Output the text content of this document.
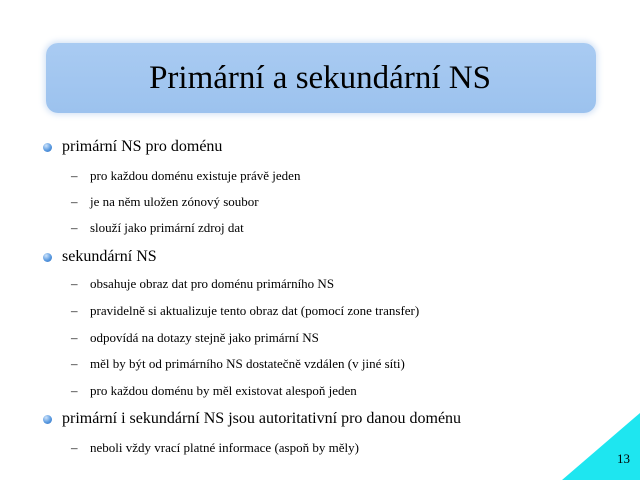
Primární a sekundární NS
primární NS pro doménu
– pro každou doménu existuje právě jeden
– je na něm uložen zónový soubor
– slouží jako primární zdroj dat
sekundární NS
– obsahuje obraz dat pro doménu primárního NS
– pravidelně si aktualizuje tento obraz dat (pomocí zone transfer)
– odpovídá na dotazy stejně jako primární NS
– měl by být od primárního NS dostatečně vzdálen (v jiné síti)
– pro každou doménu by měl existovat alespoň jeden
primární i sekundární NS jsou autoritativní pro danou doménu
– neboli vždy vrací platné informace (aspoň by měly)
13
